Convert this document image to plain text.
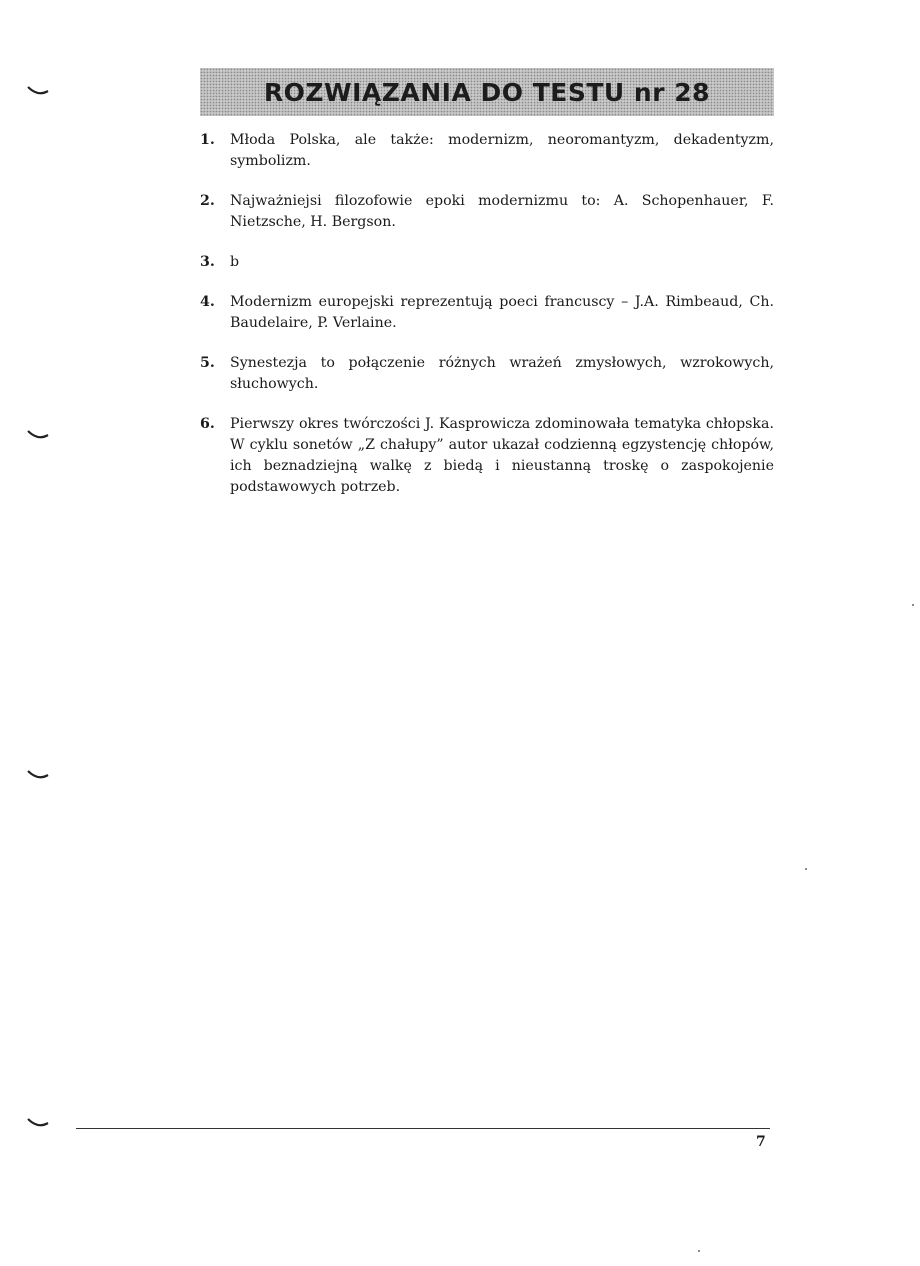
ROZWIĄZANIA DO TESTU nr 28
1.	Młoda Polska, ale także: modernizm, neoromantyzm, dekadentyzm, symbolizm.
2.	Najważniejsi filozofowie epoki modernizmu to: A. Schopenhauer, F. Nietzsche, H. Bergson.
3.	b
4.	Modernizm europejski reprezentują poeci francuscy – J.A. Rimbeaud, Ch. Baudelaire, P. Verlaine.
5.	Synestezja to połączenie różnych wrażeń zmysłowych, wzrokowych, słuchowych.
6.	Pierwszy okres twórczości J. Kasprowicza zdominowała tematyka chłopska. W cyklu sonetów „Z chałupy” autor ukazał codzienną egzystencję chłopów, ich beznadziejną walkę z biedą i nieustanną troskę o zaspokojenie podstawowych potrzeb.
7
